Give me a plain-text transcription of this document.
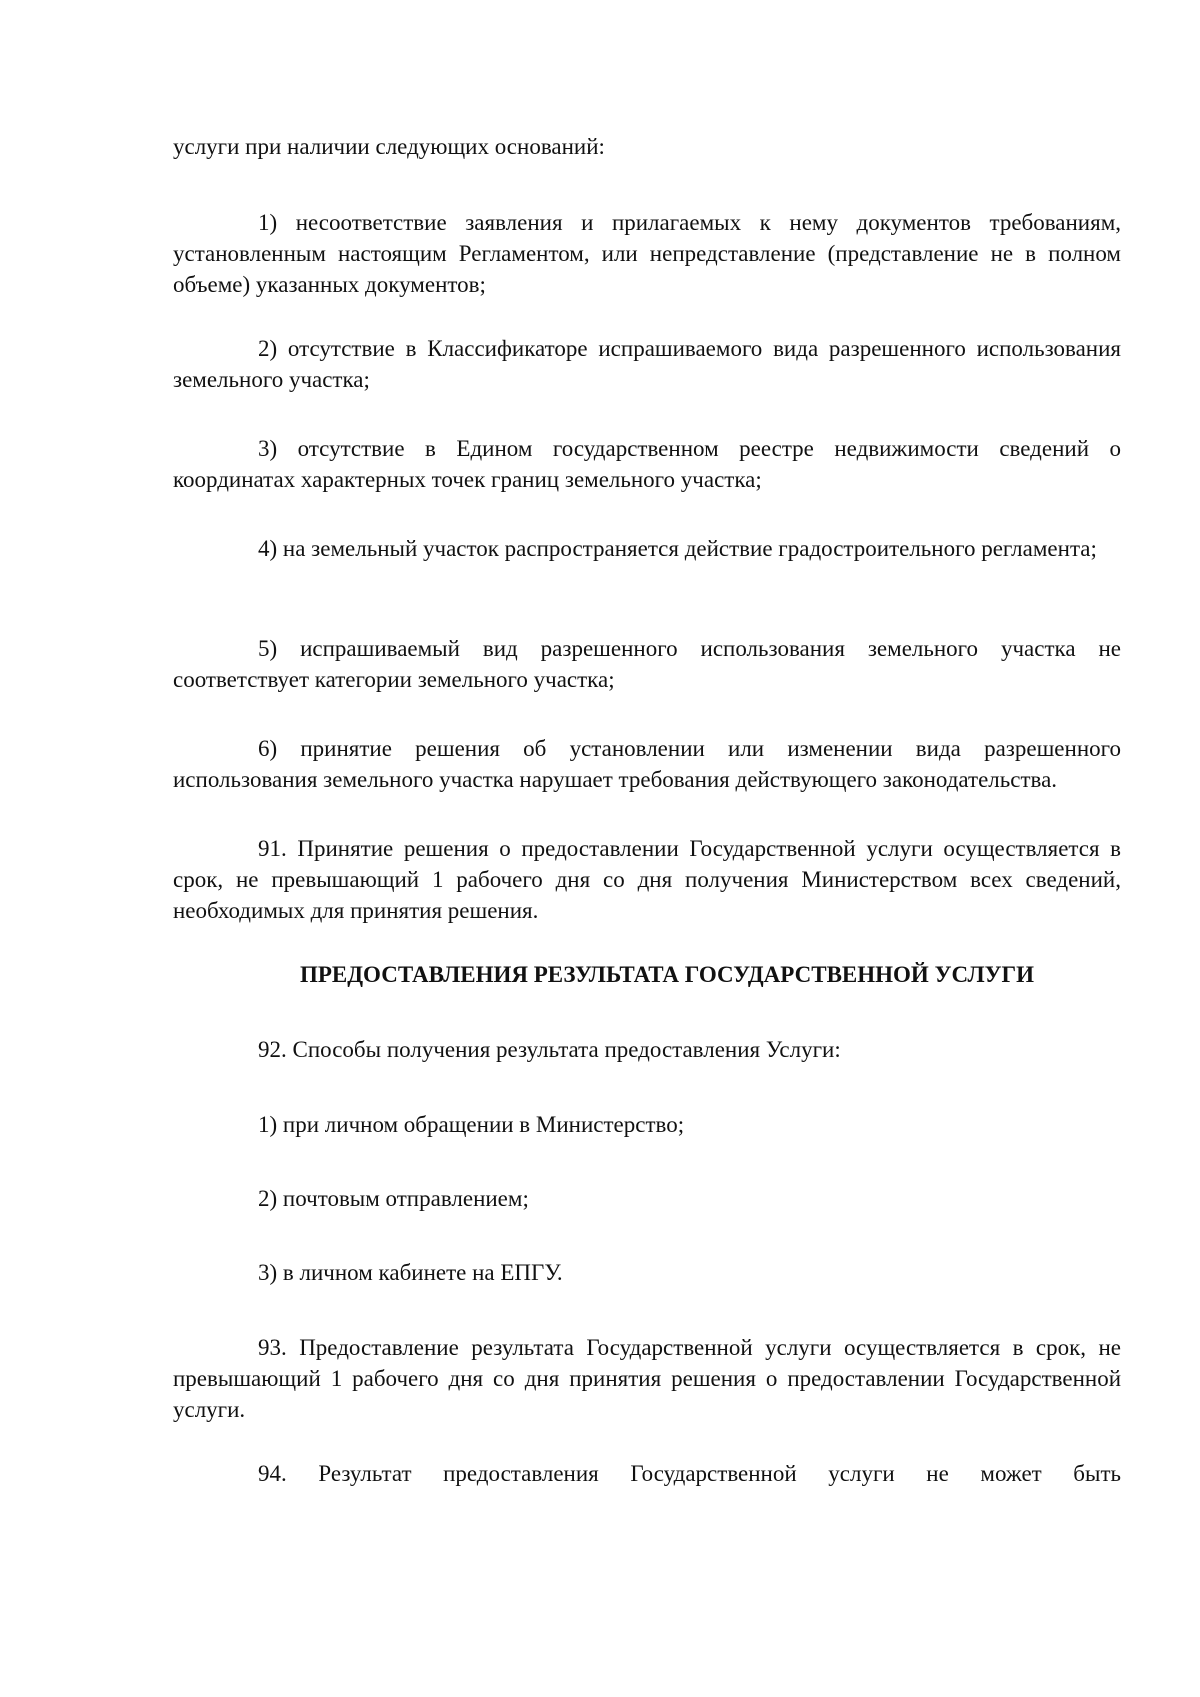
услуги при наличии следующих оснований:

1) несоответствие заявления и прилагаемых к нему документов требованиям, установленным настоящим Регламентом, или непредставление (представление не в полном объеме) указанных документов;

2) отсутствие в Классификаторе испрашиваемого вида разрешенного использования земельного участка;

3) отсутствие в Едином государственном реестре недвижимости сведений о координатах характерных точек границ земельного участка;

4) на земельный участок распространяется действие градостроительного регламента;

5) испрашиваемый вид разрешенного использования земельного участка не соответствует категории земельного участка;

6) принятие решения об установлении или изменении вида разрешенного использования земельного участка нарушает требования действующего законодательства.

91. Принятие решения о предоставлении Государственной услуги осуществляется в срок, не превышающий 1 рабочего дня со дня получения Министерством всех сведений, необходимых для принятия решения.

ПРЕДОСТАВЛЕНИЯ РЕЗУЛЬТАТА ГОСУДАРСТВЕННОЙ УСЛУГИ

92. Способы получения результата предоставления Услуги:

1) при личном обращении в Министерство;

2) почтовым отправлением;

3) в личном кабинете на ЕПГУ.

93. Предоставление результата Государственной услуги осуществляется в срок, не превышающий 1 рабочего дня со дня принятия решения о предоставлении Государственной услуги.

94. Результат предоставления Государственной услуги не может быть
